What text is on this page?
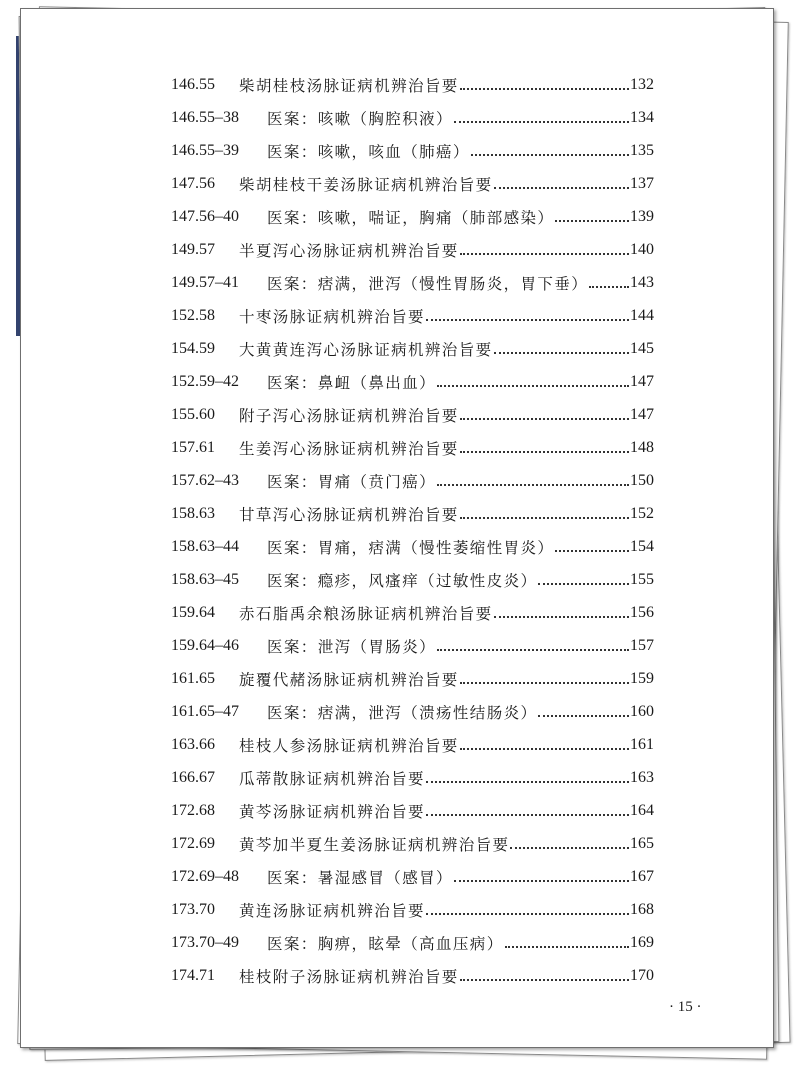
146.55	柴胡桂枝汤脉证病机辨治旨要	132
146.55–38	医案：咳嗽（胸腔积液）	134
146.55–39	医案：咳嗽，咳血（肺癌）	135
147.56	柴胡桂枝干姜汤脉证病机辨治旨要	137
147.56–40	医案：咳嗽，喘证，胸痛（肺部感染）	139
149.57	半夏泻心汤脉证病机辨治旨要	140
149.57–41	医案：痞满，泄泻（慢性胃肠炎，胃下垂）	143
152.58	十枣汤脉证病机辨治旨要	144
154.59	大黄黄连泻心汤脉证病机辨治旨要	145
152.59–42	医案：鼻衄（鼻出血）	147
155.60	附子泻心汤脉证病机辨治旨要	147
157.61	生姜泻心汤脉证病机辨治旨要	148
157.62–43	医案：胃痛（贲门癌）	150
158.63	甘草泻心汤脉证病机辨治旨要	152
158.63–44	医案：胃痛，痞满（慢性萎缩性胃炎）	154
158.63–45	医案：瘾疹，风瘙痒（过敏性皮炎）	155
159.64	赤石脂禹余粮汤脉证病机辨治旨要	156
159.64–46	医案：泄泻（胃肠炎）	157
161.65	旋覆代赭汤脉证病机辨治旨要	159
161.65–47	医案：痞满，泄泻（溃疡性结肠炎）	160
163.66	桂枝人参汤脉证病机辨治旨要	161
166.67	瓜蒂散脉证病机辨治旨要	163
172.68	黄芩汤脉证病机辨治旨要	164
172.69	黄芩加半夏生姜汤脉证病机辨治旨要	165
172.69–48	医案：暑湿感冒（感冒）	167
173.70	黄连汤脉证病机辨治旨要	168
173.70–49	医案：胸痹，眩晕（高血压病）	169
174.71	桂枝附子汤脉证病机辨治旨要	170
· 15 ·
